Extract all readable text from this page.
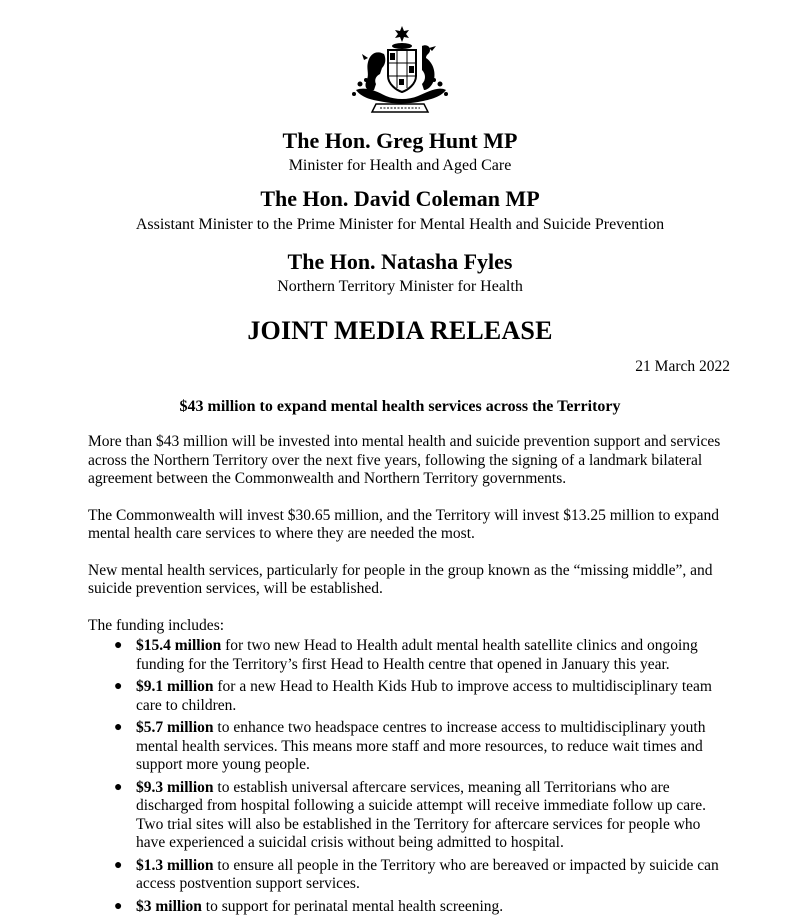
The Hon. Greg Hunt MP
Minister for Health and Aged Care
The Hon. David Coleman MP
Assistant Minister to the Prime Minister for Mental Health and Suicide Prevention
The Hon. Natasha Fyles
Northern Territory Minister for Health
JOINT MEDIA RELEASE
21 March 2022
$43 million to expand mental health services across the Territory

More than $43 million will be invested into mental health and suicide prevention support and services across the Northern Territory over the next five years, following the signing of a landmark bilateral agreement between the Commonwealth and Northern Territory governments.

The Commonwealth will invest $30.65 million, and the Territory will invest $13.25 million to expand mental health care services to where they are needed the most.

New mental health services, particularly for people in the group known as the “missing middle”, and suicide prevention services, will be established.

The funding includes:

● $15.4 million for two new Head to Health adult mental health satellite clinics and ongoing funding for the Territory’s first Head to Health centre that opened in January this year.
● $9.1 million for a new Head to Health Kids Hub to improve access to multidisciplinary team care to children.
● $5.7 million to enhance two headspace centres to increase access to multidisciplinary youth mental health services. This means more staff and more resources, to reduce wait times and support more young people.
● $9.3 million to establish universal aftercare services, meaning all Territorians who are discharged from hospital following a suicide attempt will receive immediate follow up care. Two trial sites will also be established in the Territory for aftercare services for people who have experienced a suicidal crisis without being admitted to hospital.
● $1.3 million to ensure all people in the Territory who are bereaved or impacted by suicide can access postvention support services.
● $3 million to support for perinatal mental health screening.
